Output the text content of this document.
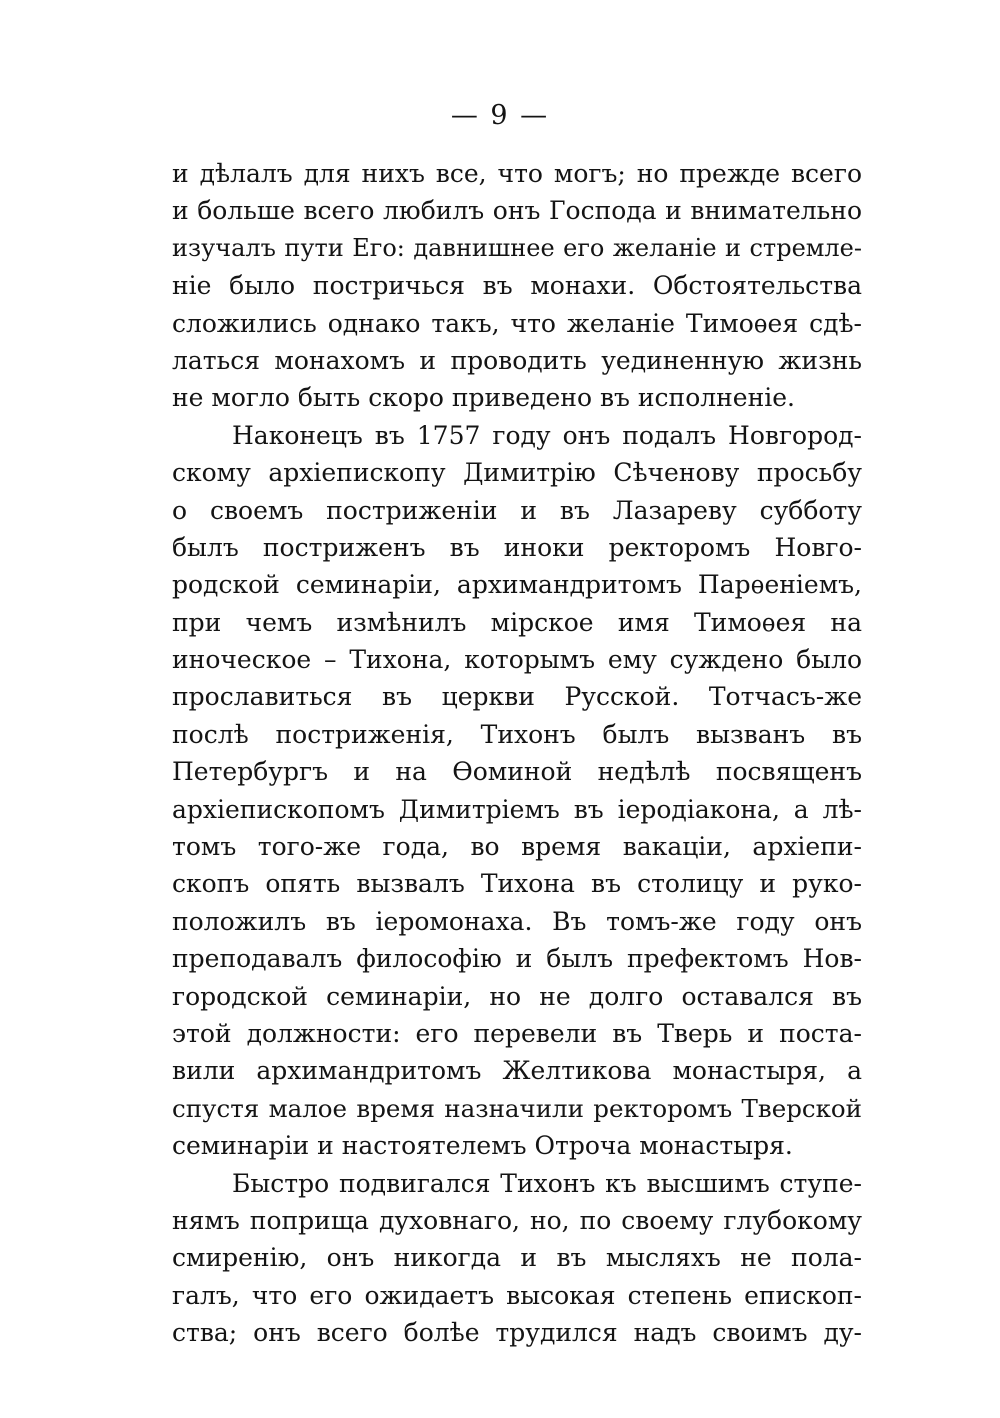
— 9 —
и дѣлалъ для нихъ все, что могъ; но прежде всего
и больше всего любилъ онъ Господа и внимательно
изучалъ пути Его: давнишнее его желаніе и стремле-
ніе было постричься въ монахи. Обстоятельства
сложились однако такъ, что желаніе Тимоѳея сдѣ-
латься монахомъ и проводить уединенную жизнь
не могло быть скоро приведено въ исполненіе.
Наконецъ въ 1757 году онъ подалъ Новгород-
скому архіепископу Димитрію Сѣченову просьбу
о своемъ постриженіи и въ Лазареву субботу
былъ постриженъ въ иноки ректоромъ Новго-
родской семинаріи, архимандритомъ Парѳеніемъ,
при чемъ измѣнилъ мірское имя Тимоѳея на
иноческое – Тихона, которымъ ему суждено было
прославиться въ церкви Русской. Тотчасъ-же
послѣ постриженія, Тихонъ былъ вызванъ въ
Петербургъ и на Ѳоминой недѣлѣ посвященъ
архіепископомъ Димитріемъ въ іеродіакона, а лѣ-
томъ того-же года, во время вакаціи, архіепи-
скопъ опять вызвалъ Тихона въ столицу и руко-
положилъ въ іеромонаха. Въ томъ-же году онъ
преподавалъ философію и былъ префектомъ Нов-
городской семинаріи, но не долго оставался въ
этой должности: его перевели въ Тверь и поста-
вили архимандритомъ Желтикова монастыря, а
спустя малое время назначили ректоромъ Тверской
семинаріи и настоятелемъ Отроча монастыря.
Быстро подвигался Тихонъ къ высшимъ ступе-
нямъ поприща духовнаго, но, по своему глубокому
смиренію, онъ никогда и въ мысляхъ не пола-
галъ, что его ожидаетъ высокая степень епископ-
ства; онъ всего болѣе трудился надъ своимъ ду-
